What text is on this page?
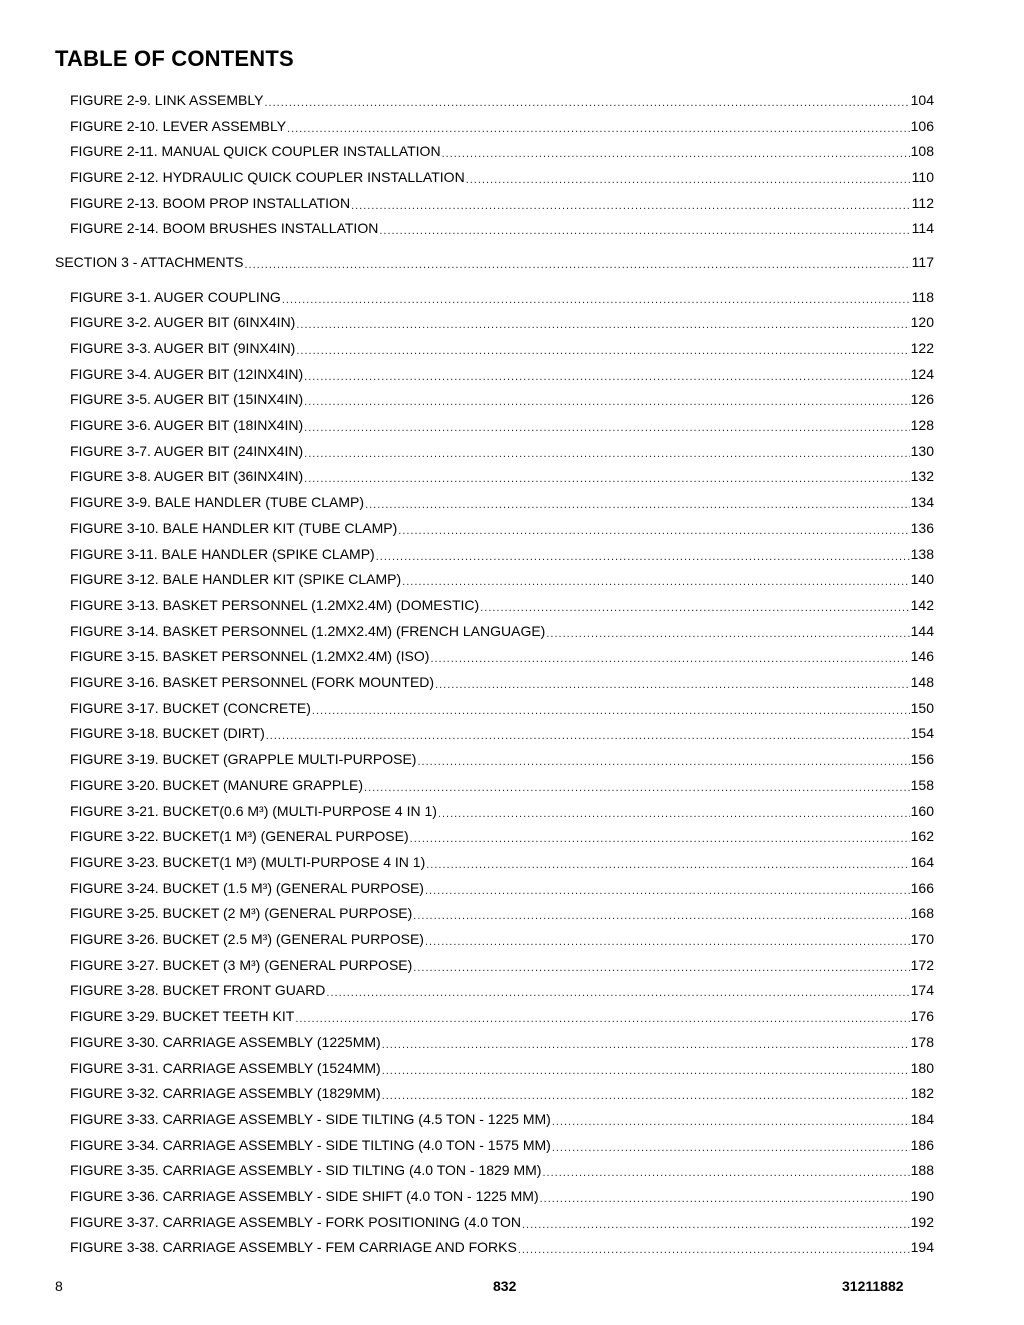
TABLE OF CONTENTS
FIGURE 2-9. LINK ASSEMBLY .....	104
FIGURE 2-10. LEVER ASSEMBLY .....	106
FIGURE 2-11. MANUAL QUICK COUPLER INSTALLATION .....	108
FIGURE 2-12. HYDRAULIC QUICK COUPLER INSTALLATION .....	110
FIGURE 2-13. BOOM PROP INSTALLATION .....	112
FIGURE 2-14. BOOM BRUSHES INSTALLATION .....	114
SECTION 3 - ATTACHMENTS .....	117
FIGURE 3-1. AUGER COUPLING .....	118
FIGURE 3-2. AUGER BIT (6INX4IN) .....	120
FIGURE 3-3. AUGER BIT (9INX4IN) .....	122
FIGURE 3-4. AUGER BIT (12INX4IN) .....	124
FIGURE 3-5. AUGER BIT (15INX4IN) .....	126
FIGURE 3-6. AUGER BIT (18INX4IN) .....	128
FIGURE 3-7. AUGER BIT (24INX4IN) .....	130
FIGURE 3-8. AUGER BIT (36INX4IN) .....	132
FIGURE 3-9. BALE HANDLER (TUBE CLAMP) .....	134
FIGURE 3-10. BALE HANDLER KIT (TUBE CLAMP) .....	136
FIGURE 3-11. BALE HANDLER (SPIKE CLAMP) .....	138
FIGURE 3-12. BALE HANDLER KIT (SPIKE CLAMP) .....	140
FIGURE 3-13. BASKET PERSONNEL (1.2MX2.4M) (DOMESTIC) .....	142
FIGURE 3-14. BASKET PERSONNEL (1.2MX2.4M) (FRENCH LANGUAGE) .....	144
FIGURE 3-15. BASKET PERSONNEL (1.2MX2.4M) (ISO) .....	146
FIGURE 3-16. BASKET PERSONNEL (FORK MOUNTED) .....	148
FIGURE 3-17. BUCKET (CONCRETE) .....	150
FIGURE 3-18. BUCKET (DIRT) .....	154
FIGURE 3-19. BUCKET (GRAPPLE MULTI-PURPOSE) .....	156
FIGURE 3-20. BUCKET (MANURE GRAPPLE) .....	158
FIGURE 3-21. BUCKET(0.6 M³) (MULTI-PURPOSE 4 IN 1) .....	160
FIGURE 3-22. BUCKET(1 M³) (GENERAL PURPOSE) .....	162
FIGURE 3-23. BUCKET(1 M³) (MULTI-PURPOSE 4 IN 1) .....	164
FIGURE 3-24. BUCKET (1.5 M³) (GENERAL PURPOSE) .....	166
FIGURE 3-25. BUCKET (2 M³) (GENERAL PURPOSE) .....	168
FIGURE 3-26. BUCKET (2.5 M³) (GENERAL PURPOSE) .....	170
FIGURE 3-27. BUCKET (3 M³) (GENERAL PURPOSE) .....	172
FIGURE 3-28. BUCKET FRONT GUARD .....	174
FIGURE 3-29. BUCKET TEETH KIT .....	176
FIGURE 3-30. CARRIAGE ASSEMBLY (1225MM) .....	178
FIGURE 3-31. CARRIAGE ASSEMBLY (1524MM) .....	180
FIGURE 3-32. CARRIAGE ASSEMBLY (1829MM) .....	182
FIGURE 3-33. CARRIAGE ASSEMBLY - SIDE TILTING (4.5 TON - 1225 MM) .....	184
FIGURE 3-34. CARRIAGE ASSEMBLY - SIDE TILTING (4.0 TON - 1575 MM) .....	186
FIGURE 3-35. CARRIAGE ASSEMBLY - SID TILTING (4.0 TON - 1829 MM) .....	188
FIGURE 3-36. CARRIAGE ASSEMBLY - SIDE SHIFT (4.0 TON - 1225 MM) .....	190
FIGURE 3-37. CARRIAGE ASSEMBLY - FORK POSITIONING (4.0 TON .....	192
FIGURE 3-38. CARRIAGE ASSEMBLY - FEM CARRIAGE AND FORKS .....	194
8	832	31211882
